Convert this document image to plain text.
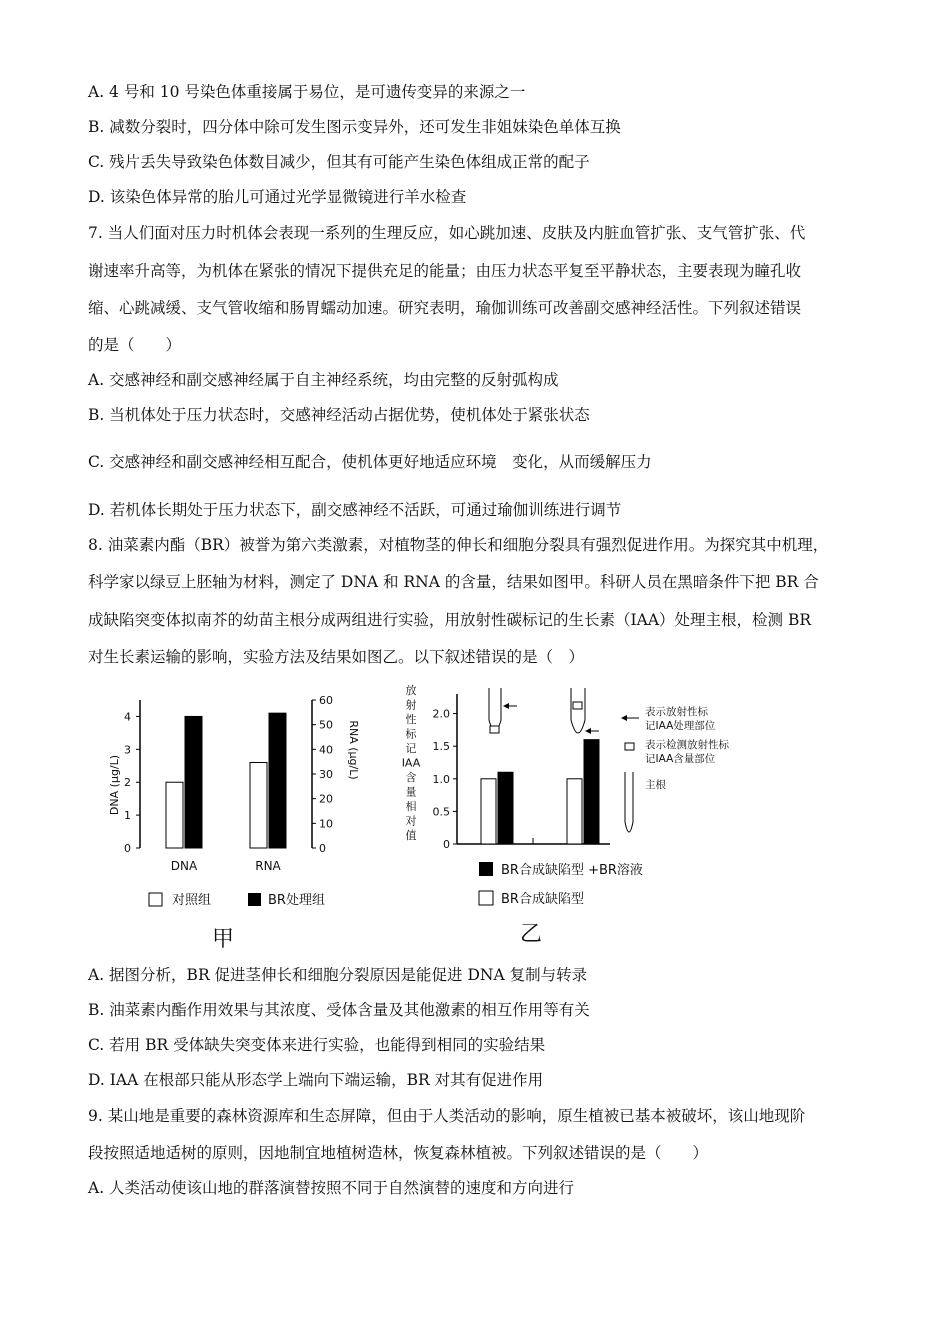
A. 4 号和 10 号染色体重接属于易位，是可遗传变异的来源之一
B. 减数分裂时，四分体中除可发生图示变异外，还可发生非姐妹染色单体互换
C. 残片丢失导致染色体数目减少，但其有可能产生染色体组成正常的配子
D. 该染色体异常的胎儿可通过光学显微镜进行羊水检查
7. 当人们面对压力时机体会表现一系列的生理反应，如心跳加速、皮肤及内脏血管扩张、支气管扩张、代
谢速率升高等，为机体在紧张的情况下提供充足的能量；由压力状态平复至平静状态，主要表现为瞳孔收
缩、心跳减缓、支气管收缩和肠胃蠕动加速。研究表明，瑜伽训练可改善副交感神经活性。下列叙述错误
的是（　　）
A. 交感神经和副交感神经属于自主神经系统，均由完整的反射弧构成
B. 当机体处于压力状态时，交感神经活动占据优势，使机体处于紧张状态
C. 交感神经和副交感神经相互配合，使机体更好地适应环境　变化，从而缓解压力
D. 若机体长期处于压力状态下，副交感神经不活跃，可通过瑜伽训练进行调节
8. 油菜素内酯（BR）被誉为第六类激素，对植物茎的伸长和细胞分裂具有强烈促进作用。为探究其中机理，
科学家以绿豆上胚轴为材料，测定了 DNA 和 RNA 的含量，结果如图甲。科研人员在黑暗条件下把 BR 合
成缺陷突变体拟南芥的幼苗主根分成两组进行实验，用放射性碳标记的生长素（IAA）处理主根，检测 BR
对生长素运输的影响，实验方法及结果如图乙。以下叙述错误的是（　）
DNA (μg/L)
0
1
2
3
4
0
10
20
30
40
50
60
RNA (μg/L)
DNA	RNA
对照组	BR处理组
甲
放
射
性
标
记
IAA
含
量
相
对
值
0
0.5
1.0
1.5
2.0	表示放射性标
记IAA处理部位
表示检测放射性标
记IAA含量部位
主根
BR合成缺陷型 +BR溶液
BR合成缺陷型
乙
A. 据图分析，BR 促进茎伸长和细胞分裂原因是能促进 DNA 复制与转录
B. 油菜素内酯作用效果与其浓度、受体含量及其他激素的相互作用等有关
C. 若用 BR 受体缺失突变体来进行实验，也能得到相同的实验结果
D. IAA 在根部只能从形态学上端向下端运输，BR 对其有促进作用
9. 某山地是重要的森林资源库和生态屏障，但由于人类活动的影响，原生植被已基本被破坏，该山地现阶
段按照适地适树的原则，因地制宜地植树造林，恢复森林植被。下列叙述错误的是（　　）
A. 人类活动使该山地的群落演替按照不同于自然演替的速度和方向进行
